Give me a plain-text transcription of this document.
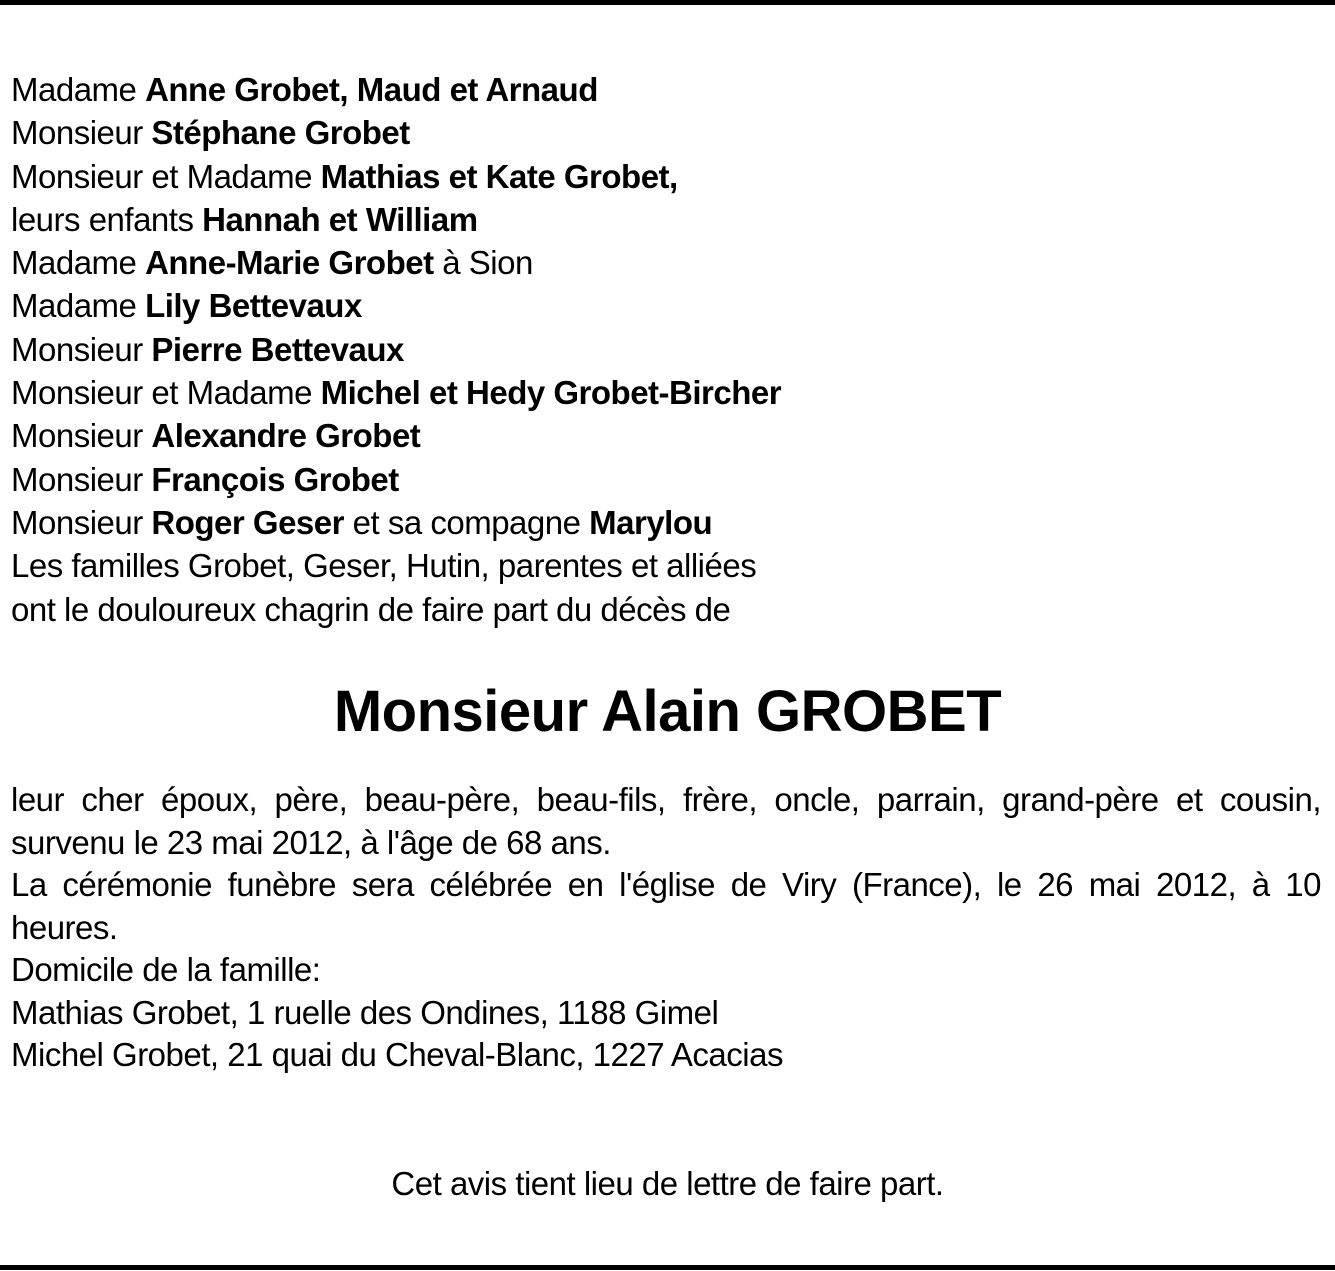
Madame Anne Grobet, Maud et Arnaud
Monsieur Stéphane Grobet
Monsieur et Madame Mathias et Kate Grobet,
leurs enfants Hannah et William
Madame Anne-Marie Grobet à Sion
Madame Lily Bettevaux
Monsieur Pierre Bettevaux
Monsieur et Madame Michel et Hedy Grobet-Bircher
Monsieur Alexandre Grobet
Monsieur François Grobet
Monsieur Roger Geser et sa compagne Marylou
Les familles Grobet, Geser, Hutin, parentes et alliées
ont le douloureux chagrin de faire part du décès de
Monsieur Alain GROBET
leur cher époux, père, beau-père, beau-fils, frère, oncle, parrain, grand-père et cousin, survenu le 23 mai 2012, à l'âge de 68 ans.
La cérémonie funèbre sera célébrée en l'église de Viry (France), le 26 mai 2012, à 10 heures.
Domicile de la famille:
Mathias Grobet, 1 ruelle des Ondines, 1188 Gimel
Michel Grobet, 21 quai du Cheval-Blanc, 1227 Acacias
Cet avis tient lieu de lettre de faire part.
